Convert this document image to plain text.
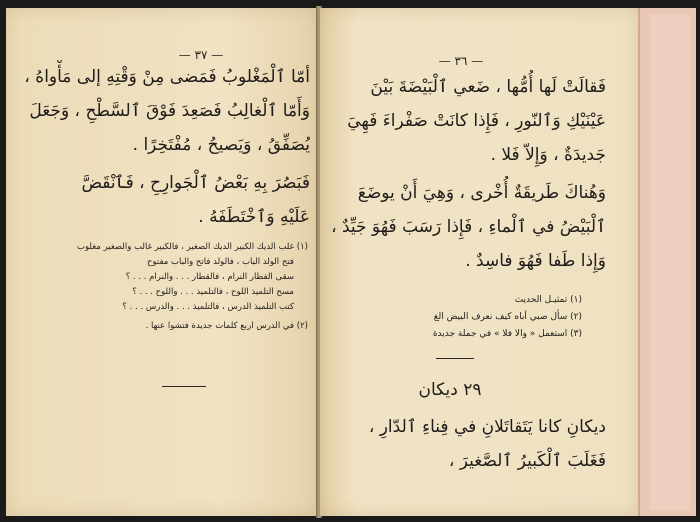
— ٣٧ —
أمّا ٱلْمَغْلوبُ فَمَضى مِنْ وَقْتِهِ إلى مَأْواهُ ،
وَأَمّا ٱلْغالِبُ فَصَعِدَ فَوْقَ ٱلسَّطْحِ ، وَجَعَلَ
يُصَفِّقُ ، وَيَصيحُ ، مُفْتَخِرًا .
فَبَصُرَ بِهِ بَعْضُ ٱلْجَوارِحِ ، فَٱنْقَضَّ
عَلَيْهِ وَٱخْتَطَفَهُ .
(١) غلب الديك الكبير الديك الصغير ، فالكبير غالب والصغير مغلوب
فتح الولد الباب ، فالولد فاتح والباب مفتوح
سقى الفطار النرام ، فالقطار . . . والنرام . . . ؟
مسح التلميذ اللوح ، فالتلميذ . . . واللوح . . . ؟
كتب التلميذ الدرس ، فالتلميذ . . . والدرس . . . ؟
(٢) في الدرس اربع كلمات جديدة فتشوا عنها .
— ٣٦ —
فَقالَتْ لَها أُمُّها ، ضَعي ٱلْبَيْضَةَ بَيْنَ
عَيْنَيْكِ وَٱلنّورِ ، فَإِذا كانَتْ صَفْراءَ فَهِيَ
جَديدَةٌ ، وَإِلاّ فَلا .
وَهُناكَ طَريقَةٌ أُخْرى ، وَهِيَ أَنْ يوضَعَ
ٱلْبَيْضُ في ٱلْماءِ ، فَإِذا رَسَبَ فَهُوَ جَيِّدٌ ،
وَإِذا طَفا فَهُوَ فاسِدٌ .
(١) تمثيـل الحديث
(٢) سأل صبي أباه كيف نعرف البيض الغ
(٣) استعمل « والا فلا » في جملة جديدة
٢٩ ديكان
ديكانِ كانا يَتَقاتَلانِ في فِناءِ ٱلدّارِ ،
فَغَلَبَ ٱلْكَبيرُ ٱلصَّغيرَ ،
